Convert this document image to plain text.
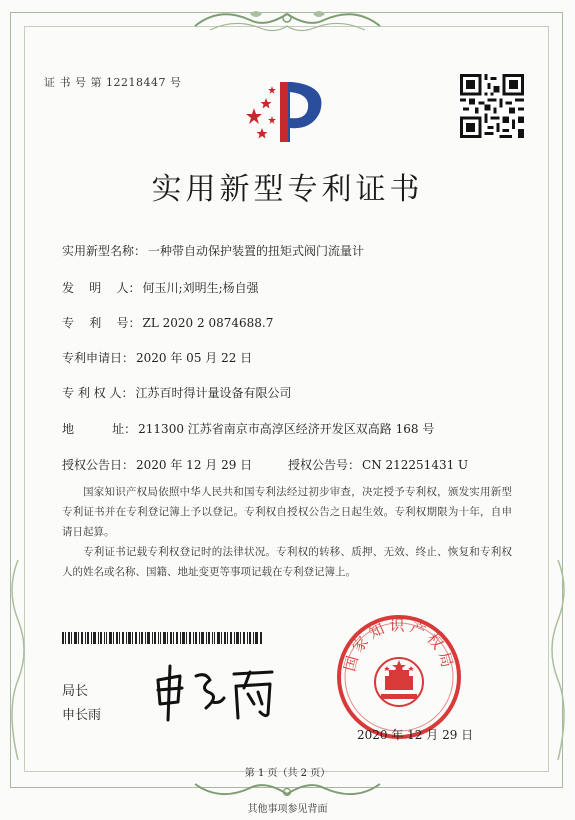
证 书 号 第 12218447 号
实用新型专利证书
实用新型名称： 一种带自动保护装置的扭矩式阀门流量计
发    明    人： 何玉川;刘明生;杨自强
专    利    号： ZL 2020 2 0874688.7
专利申请日： 2020 年 05 月 22 日
专 利 权 人： 江苏百时得计量设备有限公司
地          址： 211300 江苏省南京市高淳区经济开发区双高路 168 号
授权公告日： 2020 年 12 月 29 日	授权公告号： CN 212251431 U
国家知识产权局依照中华人民共和国专利法经过初步审查，决定授予专利权，颁发实用新型专利证书并在专利登记簿上予以登记。专利权自授权公告之日起生效。专利权期限为十年，自申请日起算。
专利证书记载专利权登记时的法律状况。专利权的转移、质押、无效、终止、恢复和专利权人的姓名或名称、国籍、地址变更等事项记载在专利登记簿上。
局长
申长雨
国家知识产权局
2020 年 12 月 29 日
第 1 页（共 2 页）
其他事项参见背面
